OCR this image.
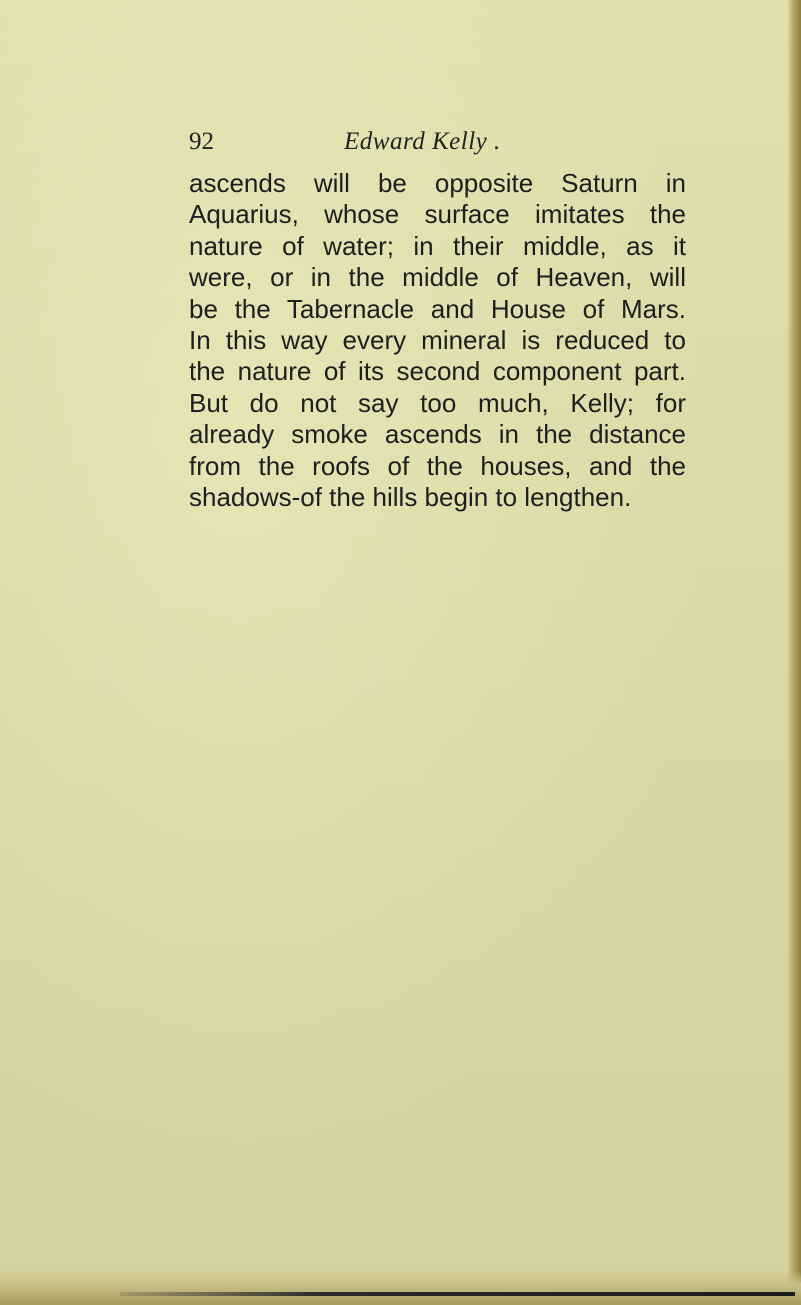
92	Edward Kelly .
ascends will be opposite Saturn in
Aquarius, whose surface imitates the
nature of water; in their middle, as it
were, or in the middle of Heaven, will
be the Tabernacle and House of Mars.
In this way every mineral is reduced to
the nature of its second component part.
But do not say too much, Kelly; for
already smoke ascends in the distance
from the roofs of the houses, and the
shadows-of the hills begin to lengthen.
